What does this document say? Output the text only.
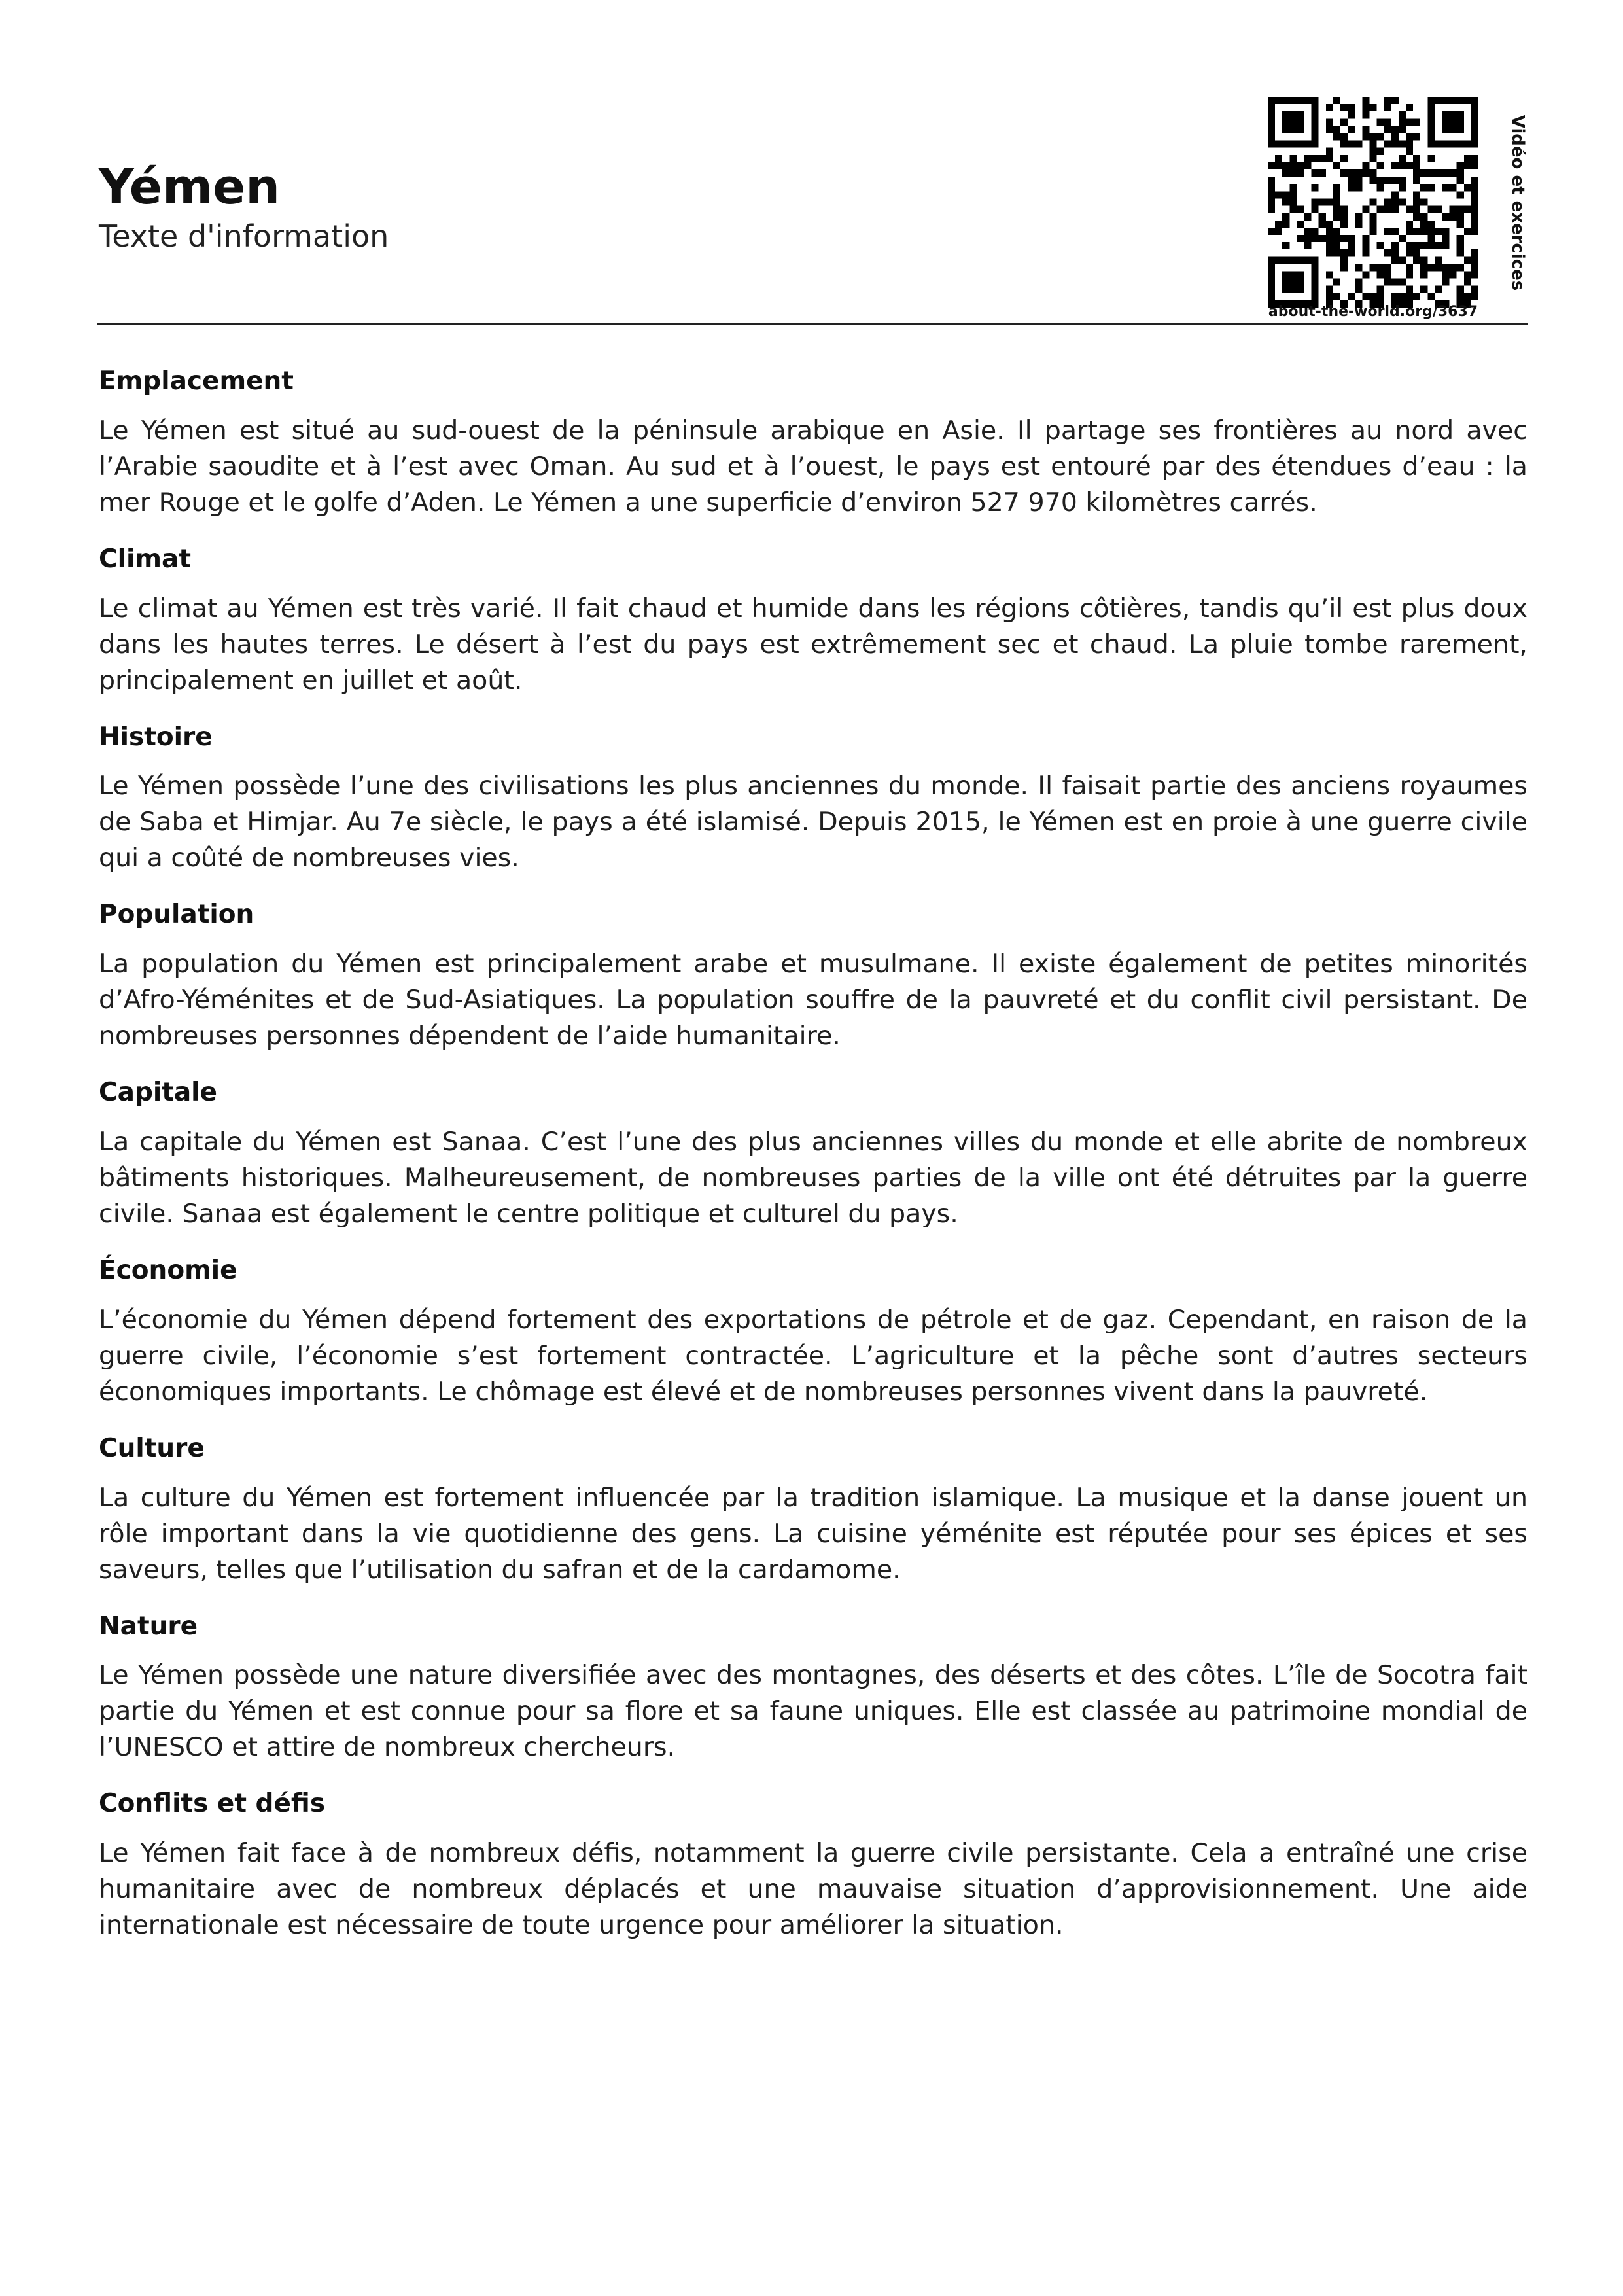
Yémen
Texte d'information
about-the-world.org/3637
Vidéo et exercices
Emplacement

Le Yémen est situé au sud-ouest de la péninsule arabique en Asie. Il partage ses frontières au nord avec l’Arabie saoudite et à l’est avec Oman. Au sud et à l’ouest, le pays est entouré par des étendues d’eau : la mer Rouge et le golfe d’Aden. Le Yémen a une superficie d’environ 527 970 kilomètres carrés.

Climat

Le climat au Yémen est très varié. Il fait chaud et humide dans les régions côtières, tandis qu’il est plus doux dans les hautes terres. Le désert à l’est du pays est extrêmement sec et chaud. La pluie tombe rarement, principalement en juillet et août.

Histoire

Le Yémen possède l’une des civilisations les plus anciennes du monde. Il faisait partie des anciens royaumes de Saba et Himjar. Au 7e siècle, le pays a été islamisé. Depuis 2015, le Yémen est en proie à une guerre civile qui a coûté de nombreuses vies.

Population

La population du Yémen est principalement arabe et musulmane. Il existe également de petites minorités d’Afro-Yéménites et de Sud-Asiatiques. La population souffre de la pauvreté et du conflit civil persistant. De nombreuses personnes dépendent de l’aide humanitaire.

Capitale

La capitale du Yémen est Sanaa. C’est l’une des plus anciennes villes du monde et elle abrite de nombreux bâtiments historiques. Malheureusement, de nombreuses parties de la ville ont été détruites par la guerre civile. Sanaa est également le centre politique et culturel du pays.

Économie

L’économie du Yémen dépend fortement des exportations de pétrole et de gaz. Cependant, en raison de la guerre civile, l’économie s’est fortement contractée. L’agriculture et la pêche sont d’autres secteurs économiques importants. Le chômage est élevé et de nombreuses personnes vivent dans la pauvreté.

Culture

La culture du Yémen est fortement influencée par la tradition islamique. La musique et la danse jouent un rôle important dans la vie quotidienne des gens. La cuisine yéménite est réputée pour ses épices et ses saveurs, telles que l’utilisation du safran et de la cardamome.

Nature

Le Yémen possède une nature diversifiée avec des montagnes, des déserts et des côtes. L’île de Socotra fait partie du Yémen et est connue pour sa flore et sa faune uniques. Elle est classée au patrimoine mondial de l’UNESCO et attire de nombreux chercheurs.

Conflits et défis

Le Yémen fait face à de nombreux défis, notamment la guerre civile persistante. Cela a entraîné une crise humanitaire avec de nombreux déplacés et une mauvaise situation d’approvisionnement. Une aide internationale est nécessaire de toute urgence pour améliorer la situation.
